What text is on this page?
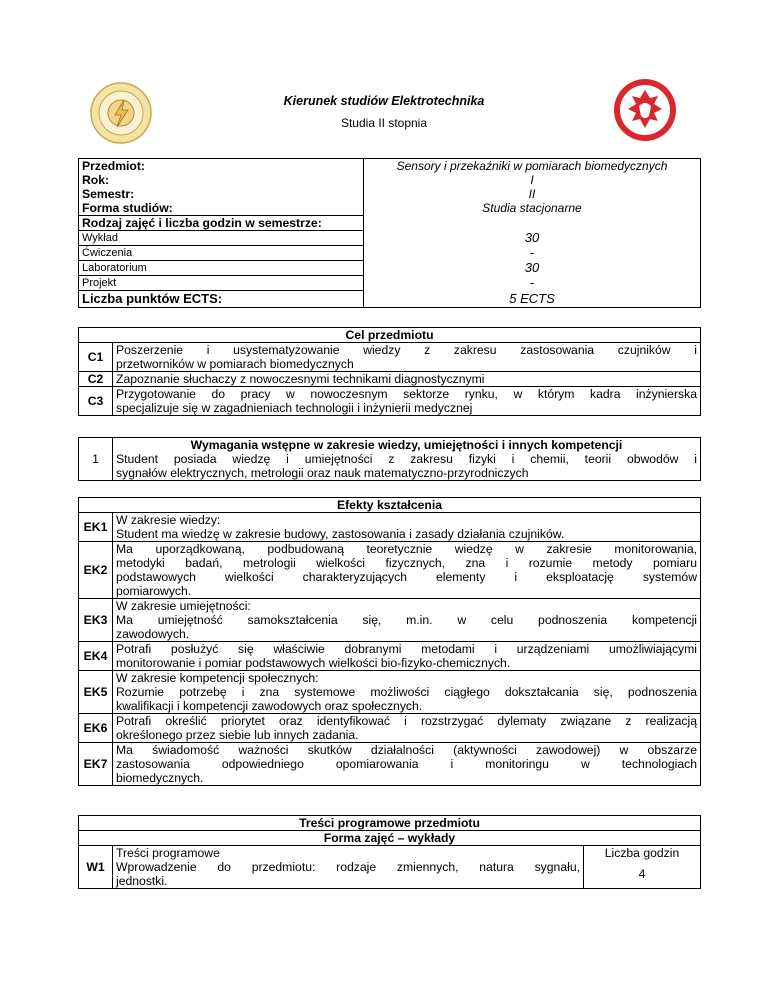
Kierunek studiów Elektrotechnika
Studia II stopnia
Przedmiot:	Sensory i przekaźniki w pomiarach biomedycznych
Rok:	I
Semestr:	II
Forma studiów:	Studia stacjonarne
Rodzaj zajęć i liczba godzin w semestrze:	
Wykład	30
Ćwiczenia	-
Laboratorium	30
Projekt	-
Liczba punktów ECTS:	5 ECTS
Cel przedmiotu	
C1	Poszerzenie i usystematyzowanie wiedzy z zakresu zastosowania czujników i
przetworników w pomiarach biomedycznych

C2	Zapoznanie słuchaczy z nowoczesnymi technikami diagnostycznymi
C3	Przygotowanie do pracy w nowoczesnym sektorze rynku, w którym kadra inżynierska
specjalizuje się w zagadnieniach technologii i inżynierii medycznej
1	Wymagania wstępne w zakresie wiedzy, umiejętności i innych kompetencji

Student posiada wiedzę i umiejętności z zakresu fizyki i chemii, teorii obwodów i
sygnałów elektrycznych, metrologii oraz nauk matematyczno-przyrodniczych
Efekty kształcenia	
EK1	W zakresie wiedzy:
	Student ma wiedzę w zakresie budowy, zastosowania i zasady działania czujników.
EK2	Ma uporządkowaną, podbudowaną teoretycznie wiedzę w zakresie monitorowania,
metodyki badań, metrologii wielkości fizycznych, zna i rozumie metody pomiaru
podstawowych wielkości charakteryzujących elementy i eksploatację systemów
pomiarowych.

EK3	W zakresie umiejętności:

	Ma umiejętność samokształcenia się, m.in. w celu podnoszenia kompetencji
zawodowych.

EK4	Potrafi posłużyć się właściwie dobranymi metodami i urządzeniami umożliwiającymi
monitorowanie i pomiar podstawowych wielkości bio-fizyko-chemicznych.

EK5	W zakresie kompetencji społecznych:

	Rozumie potrzebę i zna systemowe możliwości ciągłego dokształcania się, podnoszenia
kwalifikacji i kompetencji zawodowych oraz społecznych.

EK6	Potrafi określić priorytet oraz identyfikować i rozstrzygać dylematy związane z realizacją
określonego przez siebie lub innych zadania.

EK7	Ma świadomość ważności skutków działalności (aktywności zawodowej) w obszarze
zastosowania odpowiedniego opomiarowania i monitoringu w technologiach
biomedycznych.
Treści programowe przedmiotu		
Forma zajęć – wykłady		
W1	Treści programowe	Liczba godzin

	Wprowadzenie do przedmiotu: rodzaje zmiennych, natura sygnału,
jednostki.	4
